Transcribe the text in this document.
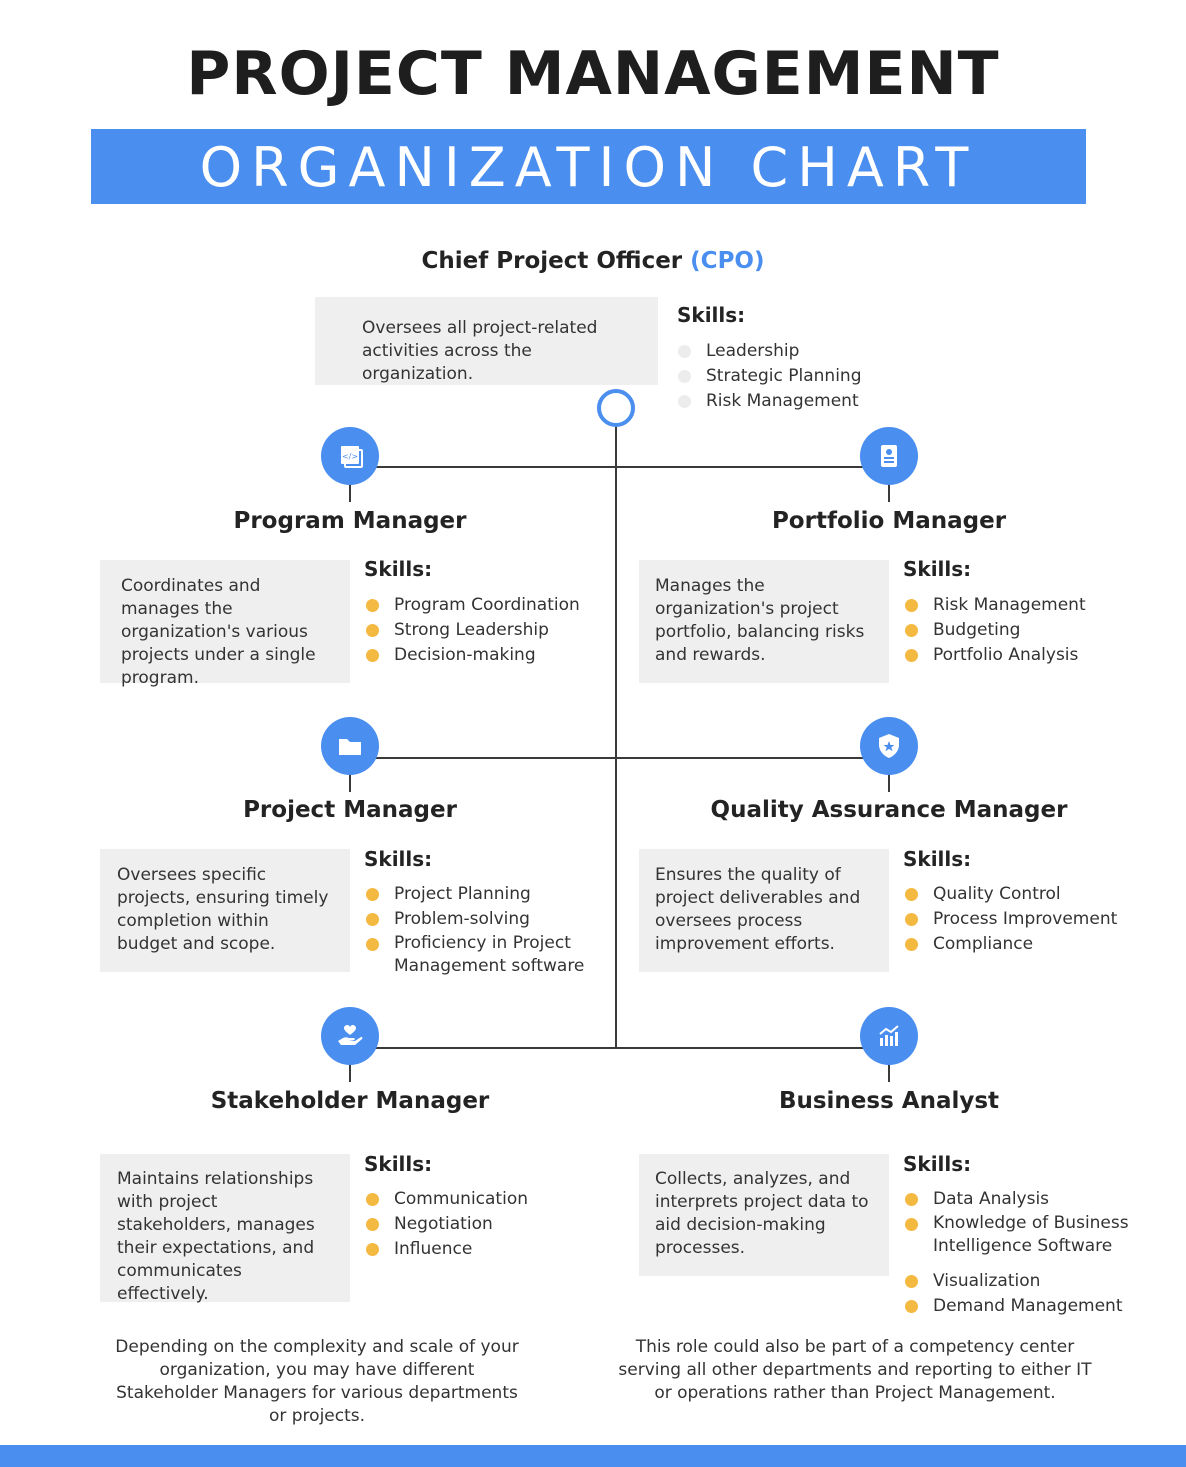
PROJECT MANAGEMENT
ORGANIZATION CHART
Chief Project Officer (CPO)
Oversees all project-related activities across the organization.
Skills:
Leadership
Strategic Planning
Risk Management
</>
Program Manager
Coordinates and manages the organization's various projects under a single program.
Skills:
Program Coordination
Strong Leadership
Decision-making
Portfolio Manager
Manages the organization's project portfolio, balancing risks and rewards.
Skills:
Risk Management
Budgeting
Portfolio Analysis
Project Manager
Oversees specific projects, ensuring timely completion within budget and scope.
Skills:
Project Planning
Problem-solving
Proficiency in Project Management software
Quality Assurance Manager
Ensures the quality of project deliverables and oversees process improvement efforts.
Skills:
Quality Control
Process Improvement
Compliance
Stakeholder Manager
Maintains relationships with project stakeholders, manages their expectations, and communicates effectively.
Skills:
Communication
Negotiation
Influence
Depending on the complexity and scale of your organization, you may have different Stakeholder Managers for various departments or projects.
Business Analyst
Collects, analyzes, and interprets project data to aid decision-making processes.
Skills:
Data Analysis
Knowledge of Business Intelligence Software
Visualization
Demand Management
This role could also be part of a competency center serving all other departments and reporting to either IT or operations rather than Project Management.
